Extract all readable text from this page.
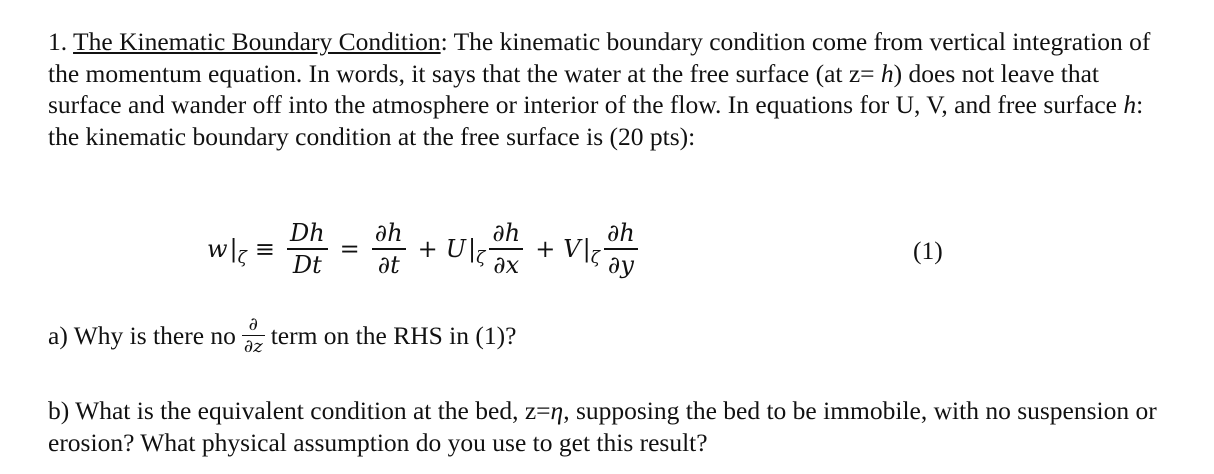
1. The Kinematic Boundary Condition: The kinematic boundary condition come from vertical integration of the momentum equation. In words, it says that the water at the free surface (at z= h) does not leave that surface and wander off into the atmosphere or interior of the flow. In equations for U, V, and free surface h: the kinematic boundary condition at the free surface is (20 pts):

w | $\zeta \equiv \frac{Dh}{Dt} = \frac{\partial h}{\partial t} + U$ | ζ $\frac{\partial h}{\partial x} + V$ | ζ $\frac{\partial h}{\partial y}$	(1)
a) Why is there no $\frac{\partial}{\partial z}$ term on the RHS in (1)?

b) What is the equivalent condition at the bed, z=η, supposing the bed to be immobile, with no suspension or erosion? What physical assumption do you use to get this result?
